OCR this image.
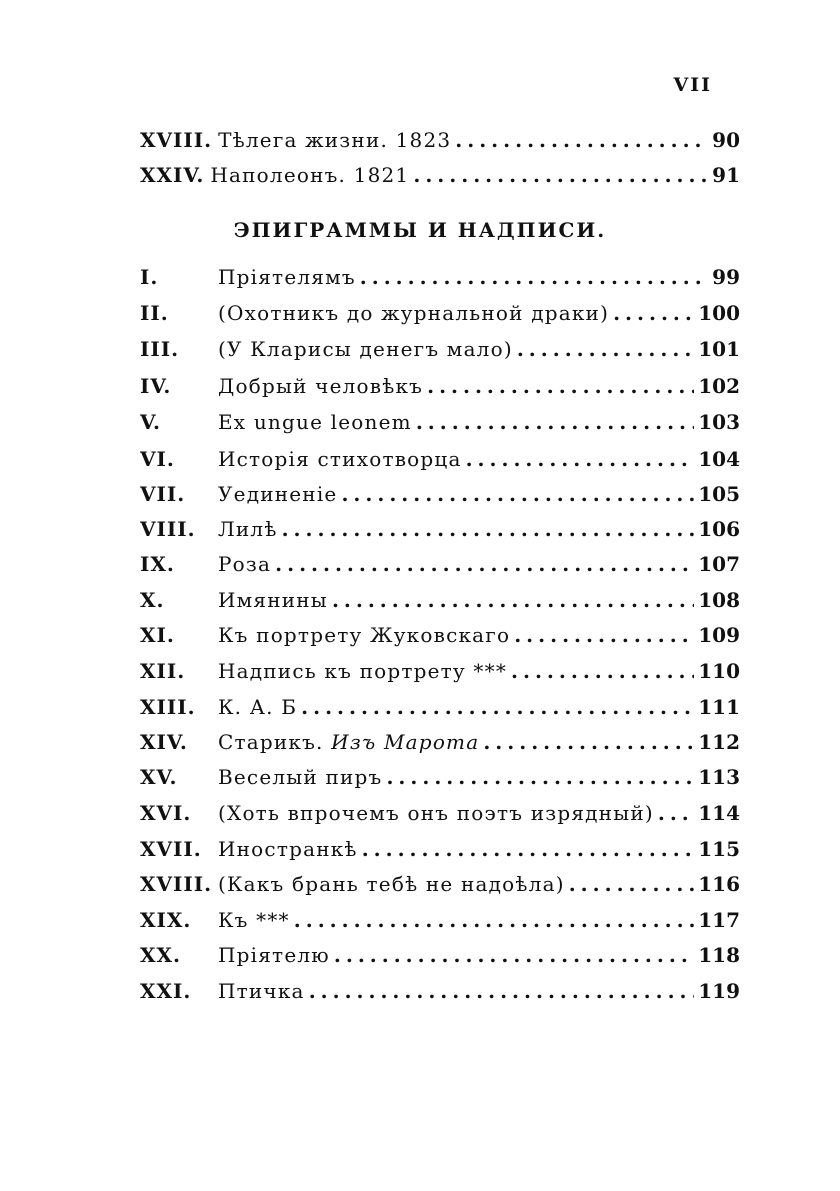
VII
XVIII. Тѣлега жизни. 1823 .....	90
XXIV. Наполеонъ. 1821 .....	91
ЭПИГРАММЫ И НАДПИСИ.
I.	Пріятелямъ .....	99
II.	(Охотникъ до журнальной драки) .....	100
III.	(У Кларисы денегъ мало) .....	101
IV.	Добрый человѣкъ .....	102
V.	Ex ungue leonem .....	103
VI.	Исторія стихотворца .....	104
VII.	Уединеніе .....	105
VIII.	Лилѣ .....	106
IX.	Роза .....	107
X.	Имянины .....	108
XI.	Къ портрету Жуковскаго .....	109
XII.	Надпись къ портрету *** .....	110
XIII.	К. А. Б .....	111
XIV.	Старикъ. Изъ Марота .....	112
XV.	Веселый пиръ .....	113
XVI.	(Хоть впрочемъ онъ поэтъ изрядный) ..... 114
XVII. Иностранкѣ .....	115
XVIII. (Какъ брань тебѣ не надоѣла) .....	116
XIX.	Къ *** .....	117
XX.	Пріятелю .....	118
XXI.	Птичка .....	119
